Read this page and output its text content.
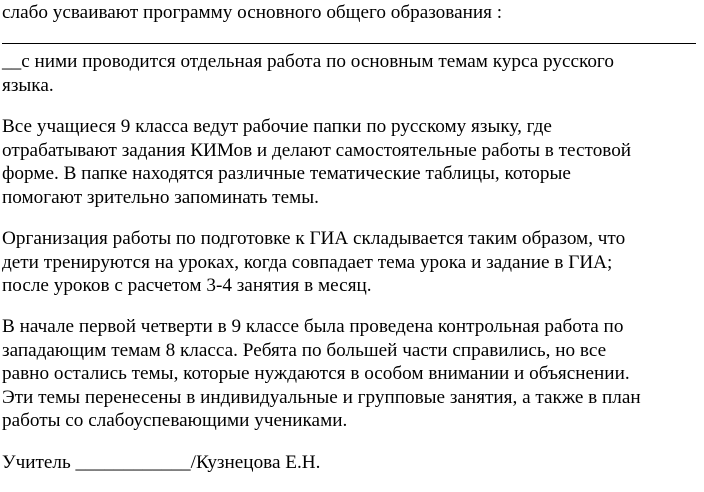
слабо усваивают программу основного общего образования :

__с ними проводится отдельная работа по основным темам курса русского
языка.

Все учащиеся 9 класса ведут рабочие папки по русскому языку, где
отрабатывают задания КИМов и делают самостоятельные работы в тестовой
форме. В папке находятся различные тематические таблицы, которые
помогают зрительно запоминать темы.

Организация работы по подготовке к ГИА складывается таким образом, что
дети тренируются на уроках, когда совпадает тема урока и задание в ГИА;
после уроков с расчетом 3-4 занятия в месяц.

В начале первой четверти в 9 классе была проведена контрольная работа по
западающим темам 8 класса. Ребята по большей части справились, но все
равно остались темы, которые нуждаются в особом внимании и объяснении.
Эти темы перенесены в индивидуальные и групповые занятия, а также в план
работы со слабоуспевающими учениками.

Учитель ____________/Кузнецова Е.Н.
